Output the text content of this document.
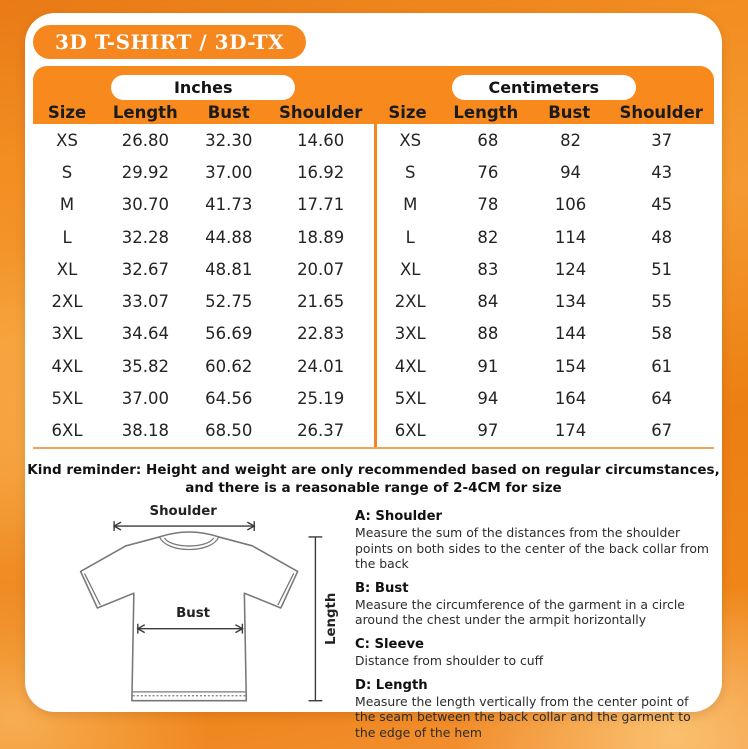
3D T-SHIRT / 3D-TX
Inches
Size	Length	Bust	Shoulder
Centimeters
Size	Length	Bust	Shoulder
XS	26.80	32.30	14.60
S	29.92	37.00	16.92
M	30.70	41.73	17.71
L	32.28	44.88	18.89
XL	32.67	48.81	20.07
2XL	33.07	52.75	21.65
3XL	34.64	56.69	22.83
4XL	35.82	60.62	24.01
5XL	37.00	64.56	25.19
6XL	38.18	68.50	26.37
XS	68	82	37
S	76	94	43
M	78	106	45
L	82	114	48
XL	83	124	51
2XL	84	134	55
3XL	88	144	58
4XL	91	154	61
5XL	94	164	64
6XL	97	174	67
Kind reminder: Height and weight are only recommended based on regular circumstances,
and there is a reasonable range of 2-4CM for size
Shoulder
Bust	Length
A: Shoulder
Measure the sum of the distances from the shoulder points on both sides to the center of the back collar from the back
B: Bust
Measure the circumference of the garment in a circle around the chest under the armpit horizontally
C: Sleeve
Distance from shoulder to cuff
D: Length
Measure the length vertically from the center point of the seam between the back collar and the garment to the edge of the hem
